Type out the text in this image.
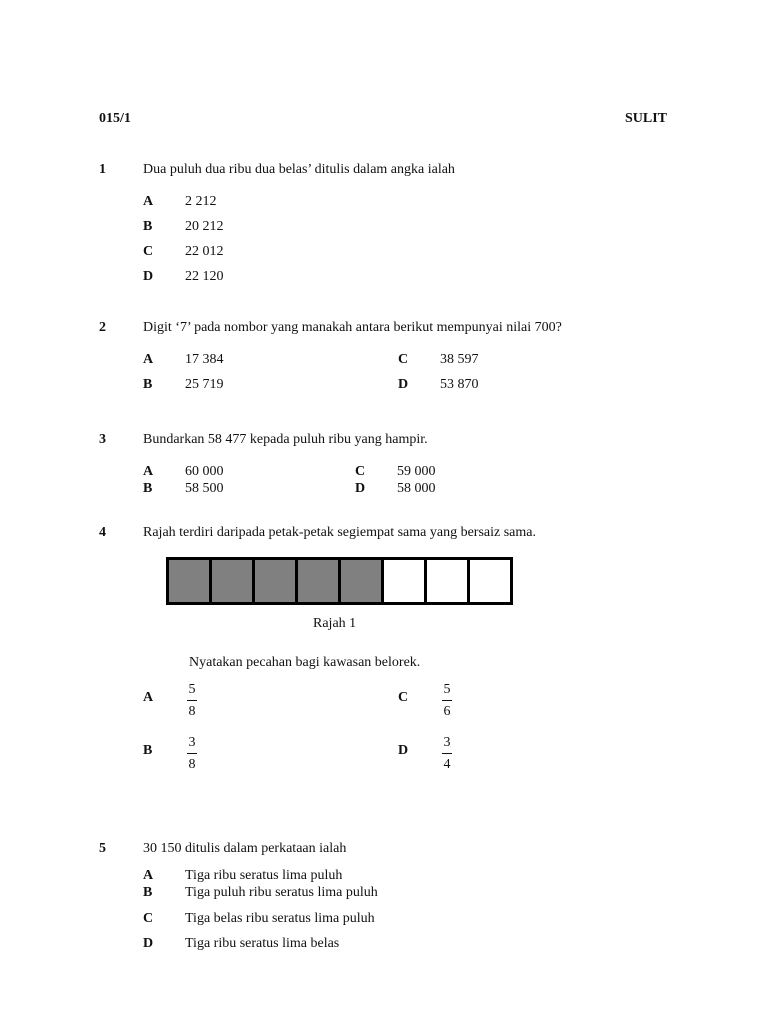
015/1	SULIT
1	Dua puluh dua ribu dua belas’ ditulis dalam angka ialah
A 2 212
B 20 212
C 22 012
D 22 120
2	Digit ‘7’ pada nombor yang manakah antara berikut mempunyai nilai 700?
A 17 384
B 25 719
C 38 597
D 53 870
3	Bundarkan 58 477 kepada puluh ribu yang hampir.
A 60 000
B 58 500
C 59 000
D 58 000
4	Rajah terdiri daripada petak-petak segiempat sama yang bersaiz sama.
Rajah 1
Nyatakan pecahan bagi kawasan belorek.
A
5
8
B
3
8
C
5
6
D
3
4
5	30 150 ditulis dalam perkataan ialah
A Tiga ribu seratus lima puluh
B Tiga puluh ribu seratus lima puluh
C Tiga belas ribu seratus lima puluh
D Tiga ribu seratus lima belas
